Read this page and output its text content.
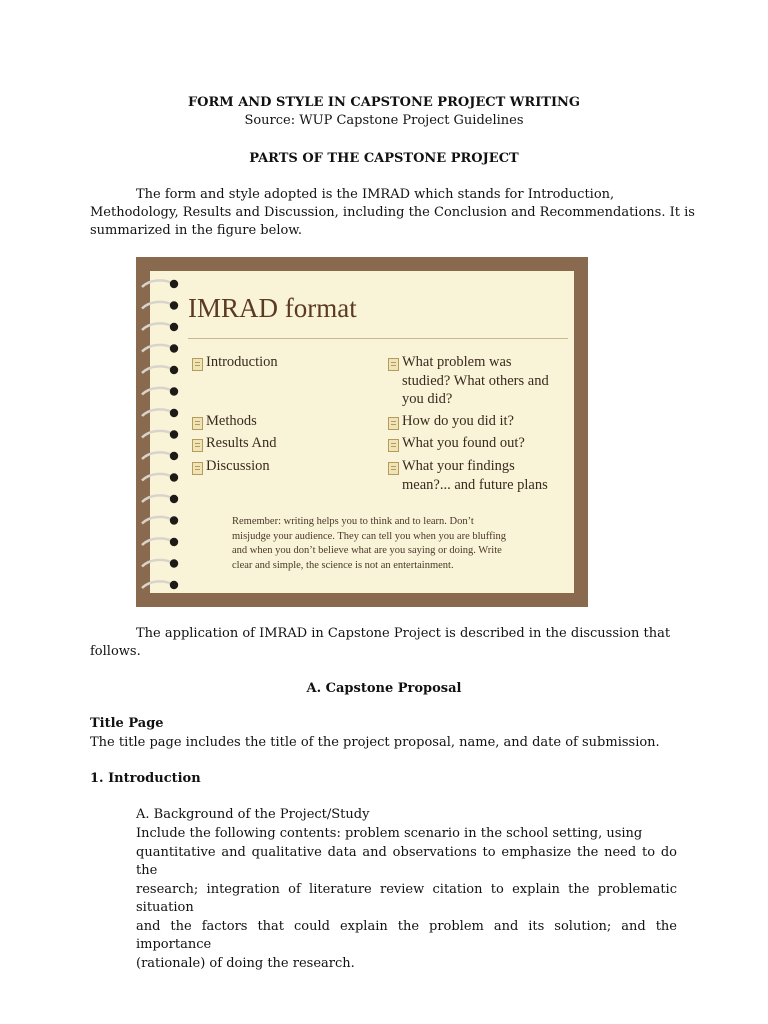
FORM AND STYLE IN CAPSTONE PROJECT WRITING
Source: WUP Capstone Project Guidelines
PARTS OF THE CAPSTONE PROJECT
The form and style adopted is the IMRAD which stands for Introduction,
Methodology, Results and Discussion, including the Conclusion and Recommendations. It is
summarized in the figure below.
IMRAD format
Introduction
Methods
Results And
Discussion
What problem was
studied? What others and
you did?
How do you did it?
What you found out?
What your findings
mean?... and future plans
Remember: writing helps you to think and to learn. Don’t
misjudge your audience. They can tell you when you are bluffing
and when you don’t believe what are you saying or doing. Write
clear and simple, the science is not an entertainment.
The application of IMRAD in Capstone Project is described in the discussion that
follows.
A. Capstone Proposal
Title Page
The title page includes the title of the project proposal, name, and date of submission.
1. Introduction
A. Background of the Project/Study
Include the following contents: problem scenario in the school setting, using
quantitative and qualitative data and observations to emphasize the need to do the
research; integration of literature review citation to explain the problematic situation
and the factors that could explain the problem and its solution; and the importance
(rationale) of doing the research.
